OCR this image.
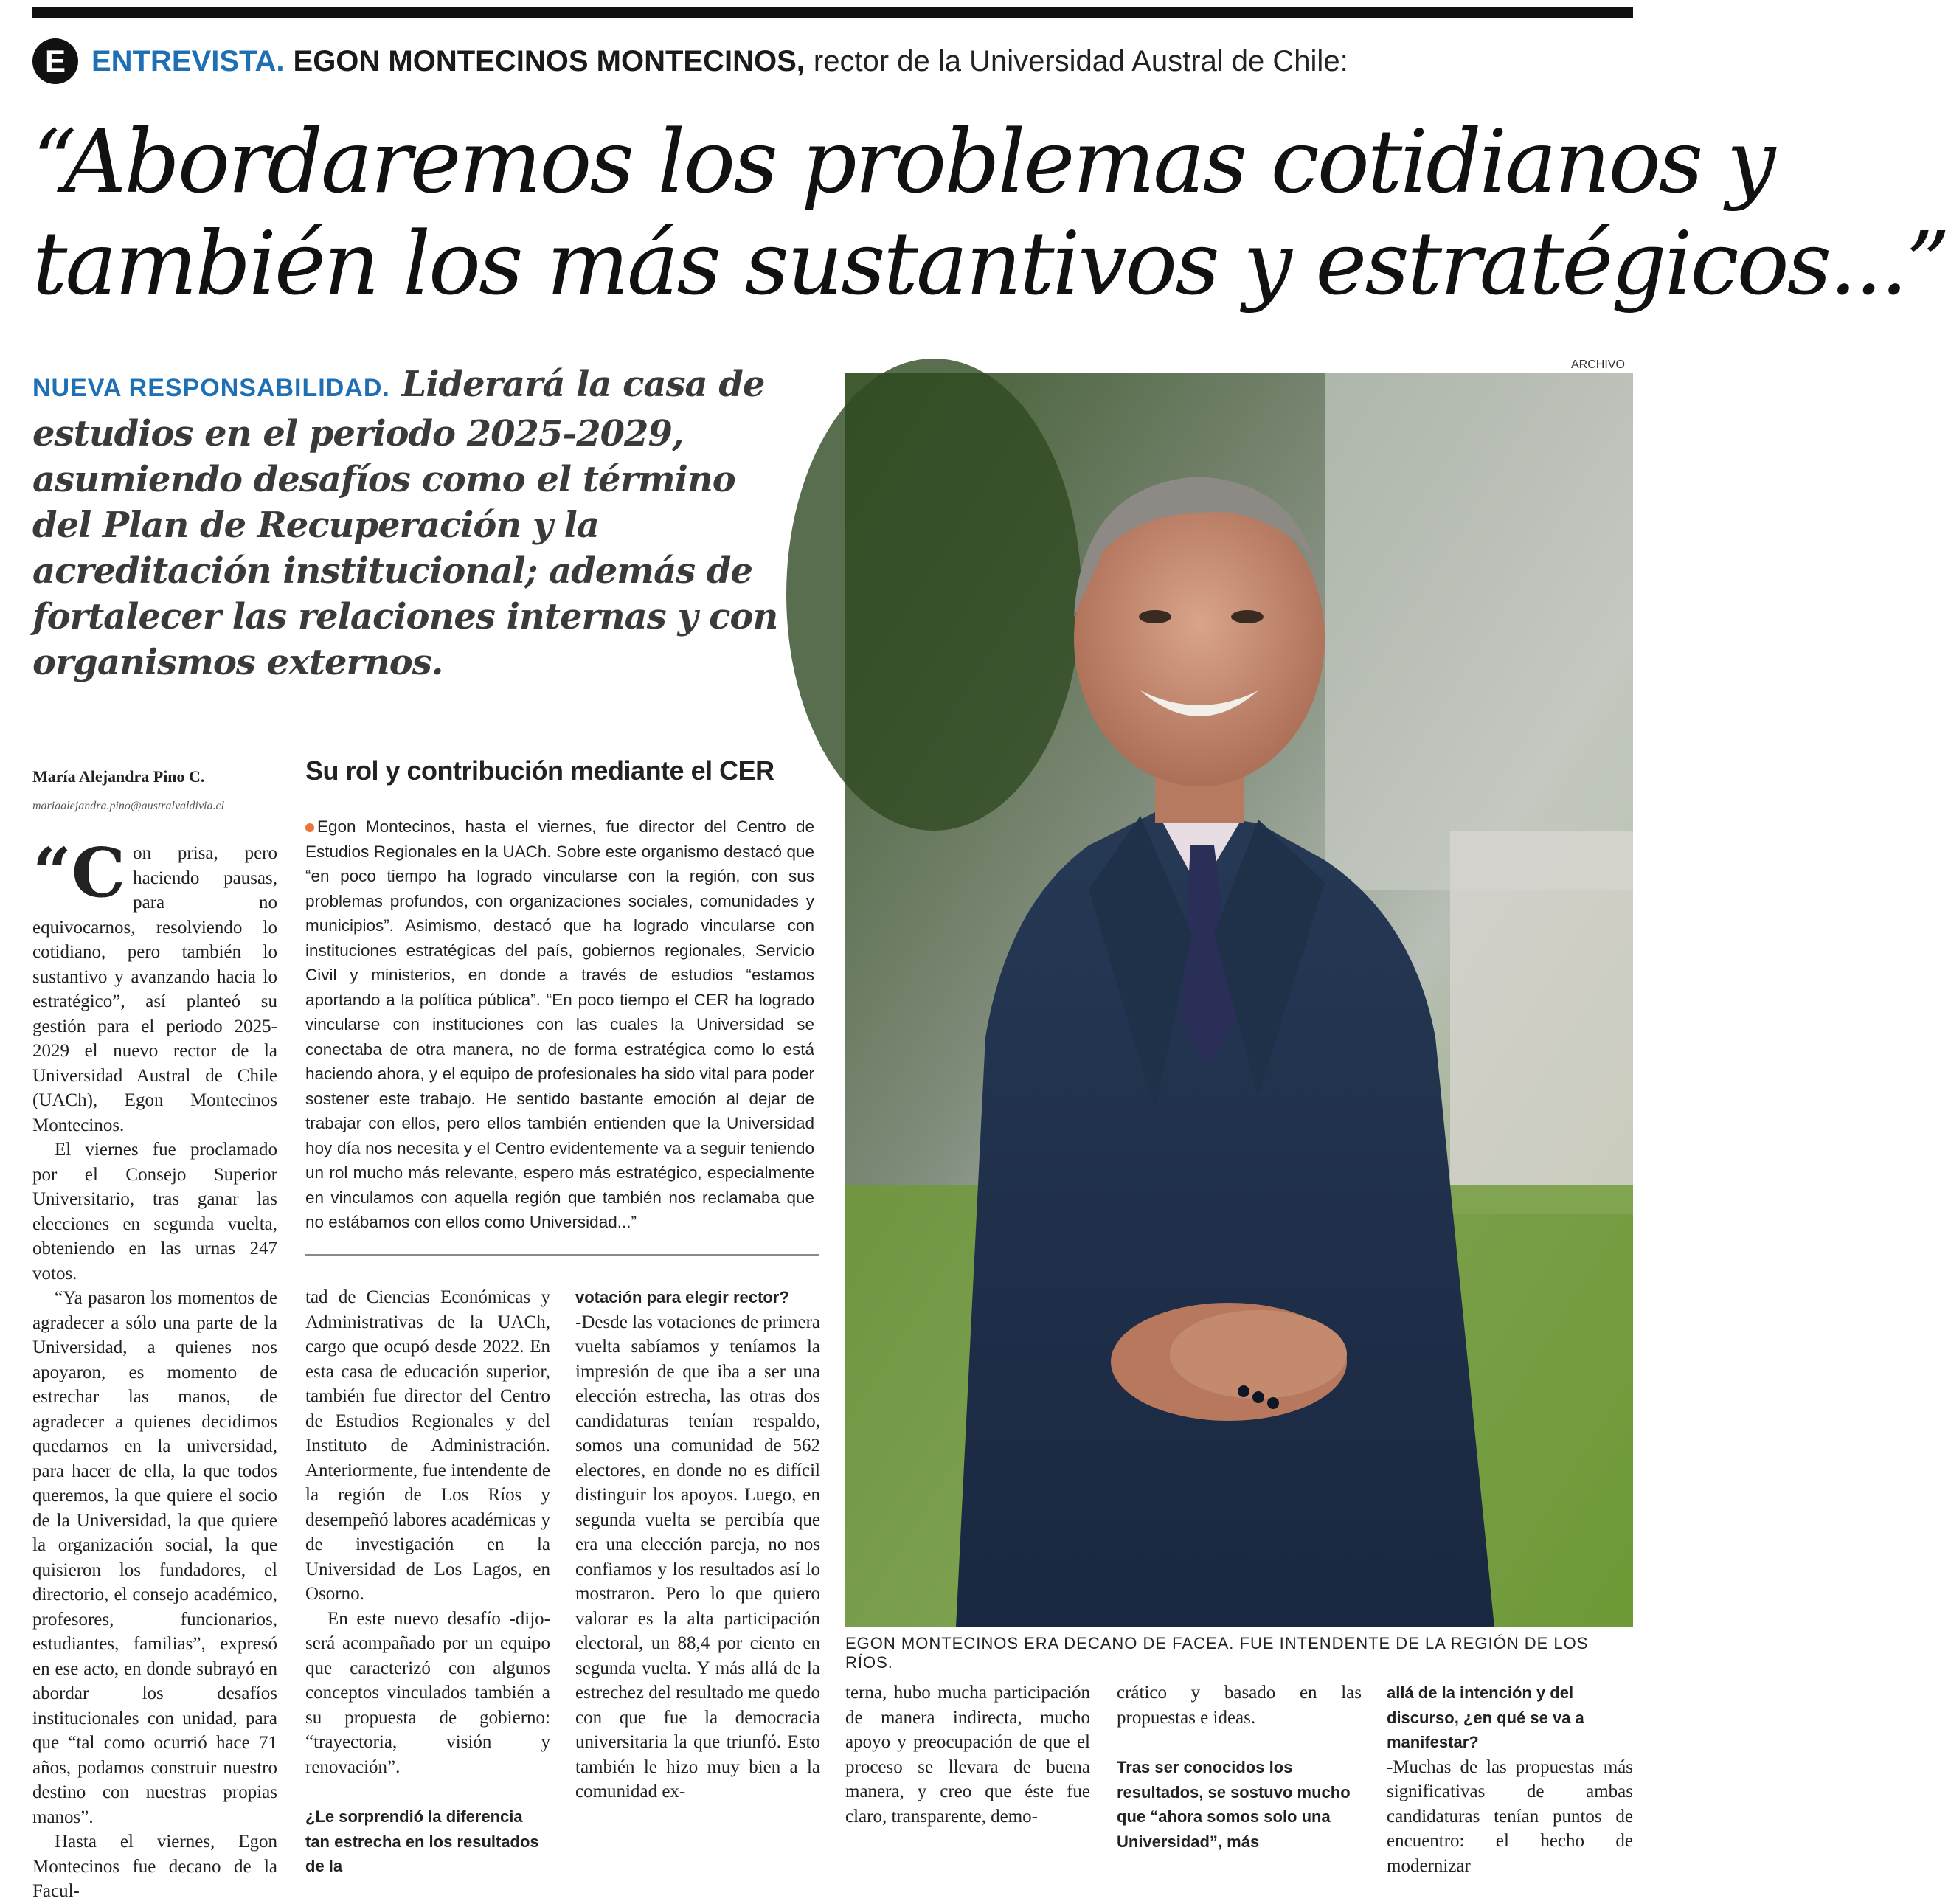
E ENTREVISTA. EGON MONTECINOS MONTECINOS, rector de la Universidad Austral de Chile:
“Abordaremos los problemas cotidianos y
también los más sustantivos y estratégicos...”
NUEVA RESPONSABILIDAD. Liderará la casa de estudios en el periodo 2025-2029, asumiendo desafíos como el término del Plan de Recuperación y la acreditación institucional; además de fortalecer las relaciones internas y con organismos externos.
ARCHIVO
EGON MONTECINOS ERA DECANO DE FACEA. FUE INTENDENTE DE LA REGIÓN DE LOS RÍOS.
María Alejandra Pino C.
mariaalejandra.pino@australvaldivia.cl
“C on prisa, pero haciendo pausas, para no equivocarnos, resolviendo lo cotidiano, pero también lo sustantivo y avanzando hacia lo estratégico”, así planteó su gestión para el periodo 2025-2029 el nuevo rector de la Universidad Austral de Chile (UACh), Egon Montecinos Montecinos.

El viernes fue proclamado por el Consejo Superior Universitario, tras ganar las elecciones en segunda vuelta, obteniendo en las urnas 247 votos.

“Ya pasaron los momentos de agradecer a sólo una parte de la Universidad, a quienes nos apoyaron, es momento de estrechar las manos, de agradecer a quienes decidimos quedarnos en la universidad, para hacer de ella, la que todos queremos, la que quiere el socio de la Universidad, la que quiere la organización social, la que quisieron los fundadores, el directorio, el consejo académico, profesores, funcionarios, estudiantes, familias”, expresó en ese acto, en donde subrayó en abordar los desafíos institucionales con unidad, para que “tal como ocurrió hace 71 años, podamos construir nuestro destino con nuestras propias manos”.

Hasta el viernes, Egon Montecinos fue decano de la Facul-

Su rol y contribución mediante el CER
Egon Montecinos, hasta el viernes, fue director del Centro de Estudios Regionales en la UACh. Sobre este organismo destacó que “en poco tiempo ha logrado vincularse con la región, con sus problemas profundos, con organizaciones sociales, comunidades y municipios”. Asimismo, destacó que ha logrado vincularse con instituciones estratégicas del país, gobiernos regionales, Servicio Civil y ministerios, en donde a través de estudios “estamos aportando a la política pública”. “En poco tiempo el CER ha logrado vincularse con instituciones con las cuales la Universidad se conectaba de otra manera, no de forma estratégica como lo está haciendo ahora, y el equipo de profesionales ha sido vital para poder sostener este trabajo. He sentido bastante emoción al dejar de trabajar con ellos, pero ellos también entienden que la Universidad hoy día nos necesita y el Centro evidentemente va a seguir teniendo un rol mucho más relevante, espero más estratégico, especialmente en vinculamos con aquella región que también nos reclamaba que no estábamos con ellos como Universidad...”

tad de Ciencias Económicas y Administrativas de la UACh, cargo que ocupó desde 2022. En esta casa de educación superior, también fue director del Centro de Estudios Regionales y del Instituto de Administración. Anteriormente, fue intendente de la región de Los Ríos y desempeñó labores académicas y de investigación en la Universidad de Los Lagos, en Osorno.

En este nuevo desafío -dijo- será acompañado por un equipo que caracterizó con algunos conceptos vinculados también a su propuesta de gobierno: “trayectoria, visión y renovación”.

¿Le sorprendió la diferencia tan estrecha en los resultados de la

votación para elegir rector?

-Desde las votaciones de primera vuelta sabíamos y teníamos la impresión de que iba a ser una elección estrecha, las otras dos candidaturas tenían respaldo, somos una comunidad de 562 electores, en donde no es difícil distinguir los apoyos. Luego, en segunda vuelta se percibía que era una elección pareja, no nos confiamos y los resultados así lo mostraron. Pero lo que quiero valorar es la alta participación electoral, un 88,4 por ciento en segunda vuelta. Y más allá de la estrechez del resultado me quedo con que fue la democracia universitaria la que triunfó. Esto también le hizo muy bien a la comunidad ex-

terna, hubo mucha participación de manera indirecta, mucho apoyo y preocupación de que el proceso se llevara de buena manera, y creo que éste fue claro, transparente, demo-

crático y basado en las propuestas e ideas.

Tras ser conocidos los resultados, se sostuvo mucho que “ahora somos solo una Universidad”, más

allá de la intención y del discurso, ¿en qué se va a manifestar?

-Muchas de las propuestas más significativas de ambas candidaturas tenían puntos de encuentro: el hecho de modernizar
